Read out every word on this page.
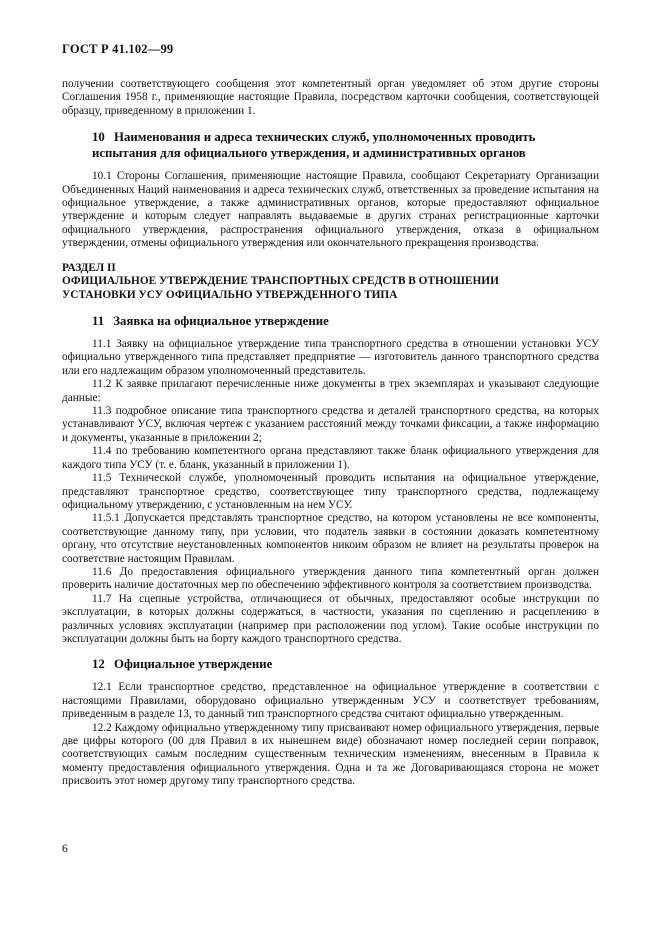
ГОСТ Р 41.102—99

получении соответствующего сообщения этот компетентный орган уведомляет об этом другие стороны Соглашения 1958 г., применяющие настоящие Правила, посредством карточки сообщения, соответствующей образцу, приведенному в приложении 1.

10 Наименования и адреса технических служб, уполномоченных проводить испытания для официального утверждения, и административных органов

10.1 Стороны Соглашения, применяющие настоящие Правила, сообщают Секретариату Организации Объединенных Наций наименования и адреса технических служб, ответственных за проведение испытания на официальное утверждение, а также административных органов, которые предоставляют официальное утверждение и которым следует направлять выдаваемые в других странах регистрационные карточки официального утверждения, распространения официального утверждения, отказа в официальном утверждении, отмены официального утверждения или окончательного прекращения производства.

РАЗДЕЛ II

ОФИЦИАЛЬНОЕ УТВЕРЖДЕНИЕ ТРАНСПОРТНЫХ СРЕДСТВ В ОТНОШЕНИИ

УСТАНОВКИ УСУ ОФИЦИАЛЬНО УТВЕРЖДЕННОГО ТИПА

11 Заявка на официальное утверждение

11.1 Заявку на официальное утверждение типа транспортного средства в отношении установки УСУ официально утвержденного типа представляет предприятие — изготовитель данного транспортного средства или его надлежащим образом уполномоченный представитель.

11.2 К заявке прилагают перечисленные ниже документы в трех экземплярах и указывают следующие данные:

11.3 подробное описание типа транспортного средства и деталей транспортного средства, на которых устанавливают УСУ, включая чертеж с указанием расстояний между точками фиксации, а также информацию и документы, указанные в приложении 2;

11.4 по требованию компетентного органа представляют также бланк официального утверждения для каждого типа УСУ (т. е. бланк, указанный в приложении 1).

11.5 Технической службе, уполномоченный проводить испытания на официальное утверждение, представляют транспортное средство, соответствующее типу транспортного средства, подлежащему официальному утверждению, с установленным на нем УСУ.

11.5.1 Допускается представлять транспортное средство, на котором установлены не все компоненты, соответствующие данному типу, при условии, что податель заявки в состоянии доказать компетентному органу, что отсутствие неустановленных компонентов никоим образом не влияет на результаты проверок на соответствие настоящим Правилам.

11.6 До предоставления официального утверждения данного типа компетентный орган должен проверить наличие достаточных мер по обеспечению эффективного контроля за соответствием производства.

11.7 На сцепные устройства, отличающиеся от обычных, предоставляют особые инструкции по эксплуатации, в которых должны содержаться, в частности, указания по сцеплению и расцеплению в различных условиях эксплуатации (например при расположении под углом). Такие особые инструкции по эксплуатации должны быть на борту каждого транспортного средства.

12 Официальное утверждение

12.1 Если транспортное средство, представленное на официальное утверждение в соответствии с настоящими Правилами, оборудовано официально утвержденным УСУ и соответствует требованиям, приведенным в разделе 13, то данный тип транспортного средства считают официально утвержденным.

12.2 Каждому официально утвержденному типу присваивают номер официального утверждения, первые две цифры которого (00 для Правил в их нынешнем виде) обозначают номер последней серии поправок, соответствующих самым последним существенным техническим изменениям, внесенным в Правила к моменту предоставления официального утверждения. Одна и та же Договаривающаяся сторона не может присвоить этот номер другому типу транспортного средства.

6
